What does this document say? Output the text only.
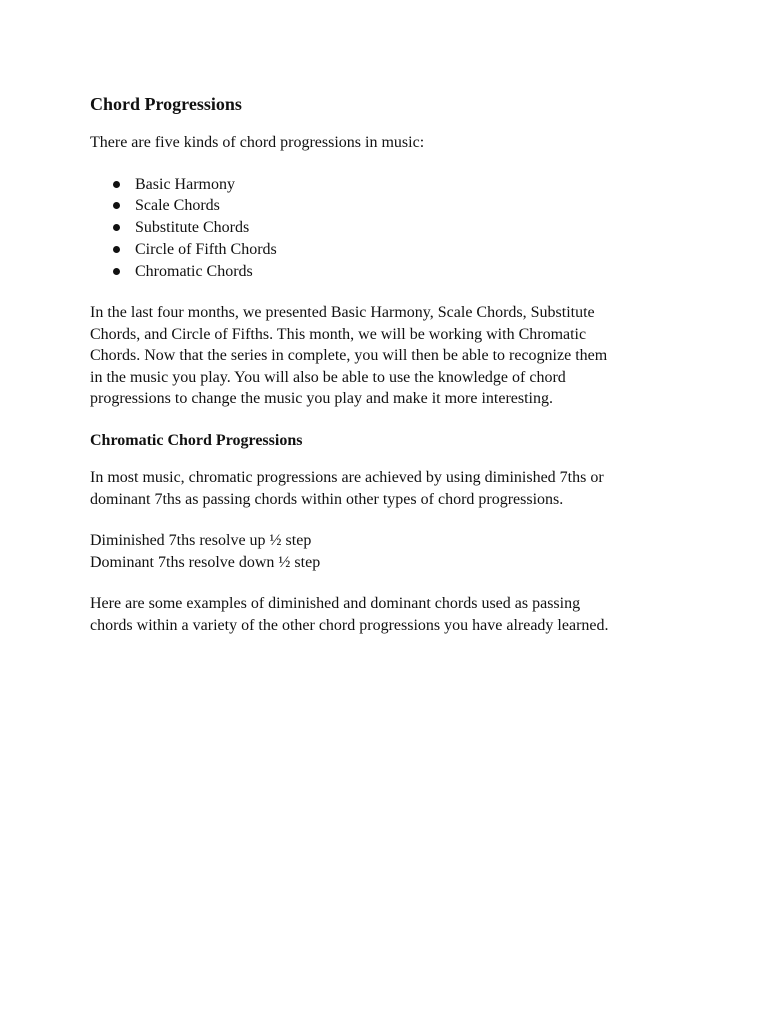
Chord Progressions
There are five kinds of chord progressions in music:
Basic Harmony
Scale Chords
Substitute Chords
Circle of Fifth Chords
Chromatic Chords
In the last four months, we presented Basic Harmony, Scale Chords, Substitute
Chords, and Circle of Fifths. This month, we will be working with Chromatic
Chords. Now that the series in complete, you will then be able to recognize them
in the music you play. You will also be able to use the knowledge of chord
progressions to change the music you play and make it more interesting.
Chromatic Chord Progressions
In most music, chromatic progressions are achieved by using diminished 7ths or
dominant 7ths as passing chords within other types of chord progressions.
Diminished 7ths resolve up ½ step
Dominant 7ths resolve down ½ step
Here are some examples of diminished and dominant chords used as passing
chords within a variety of the other chord progressions you have already learned.
